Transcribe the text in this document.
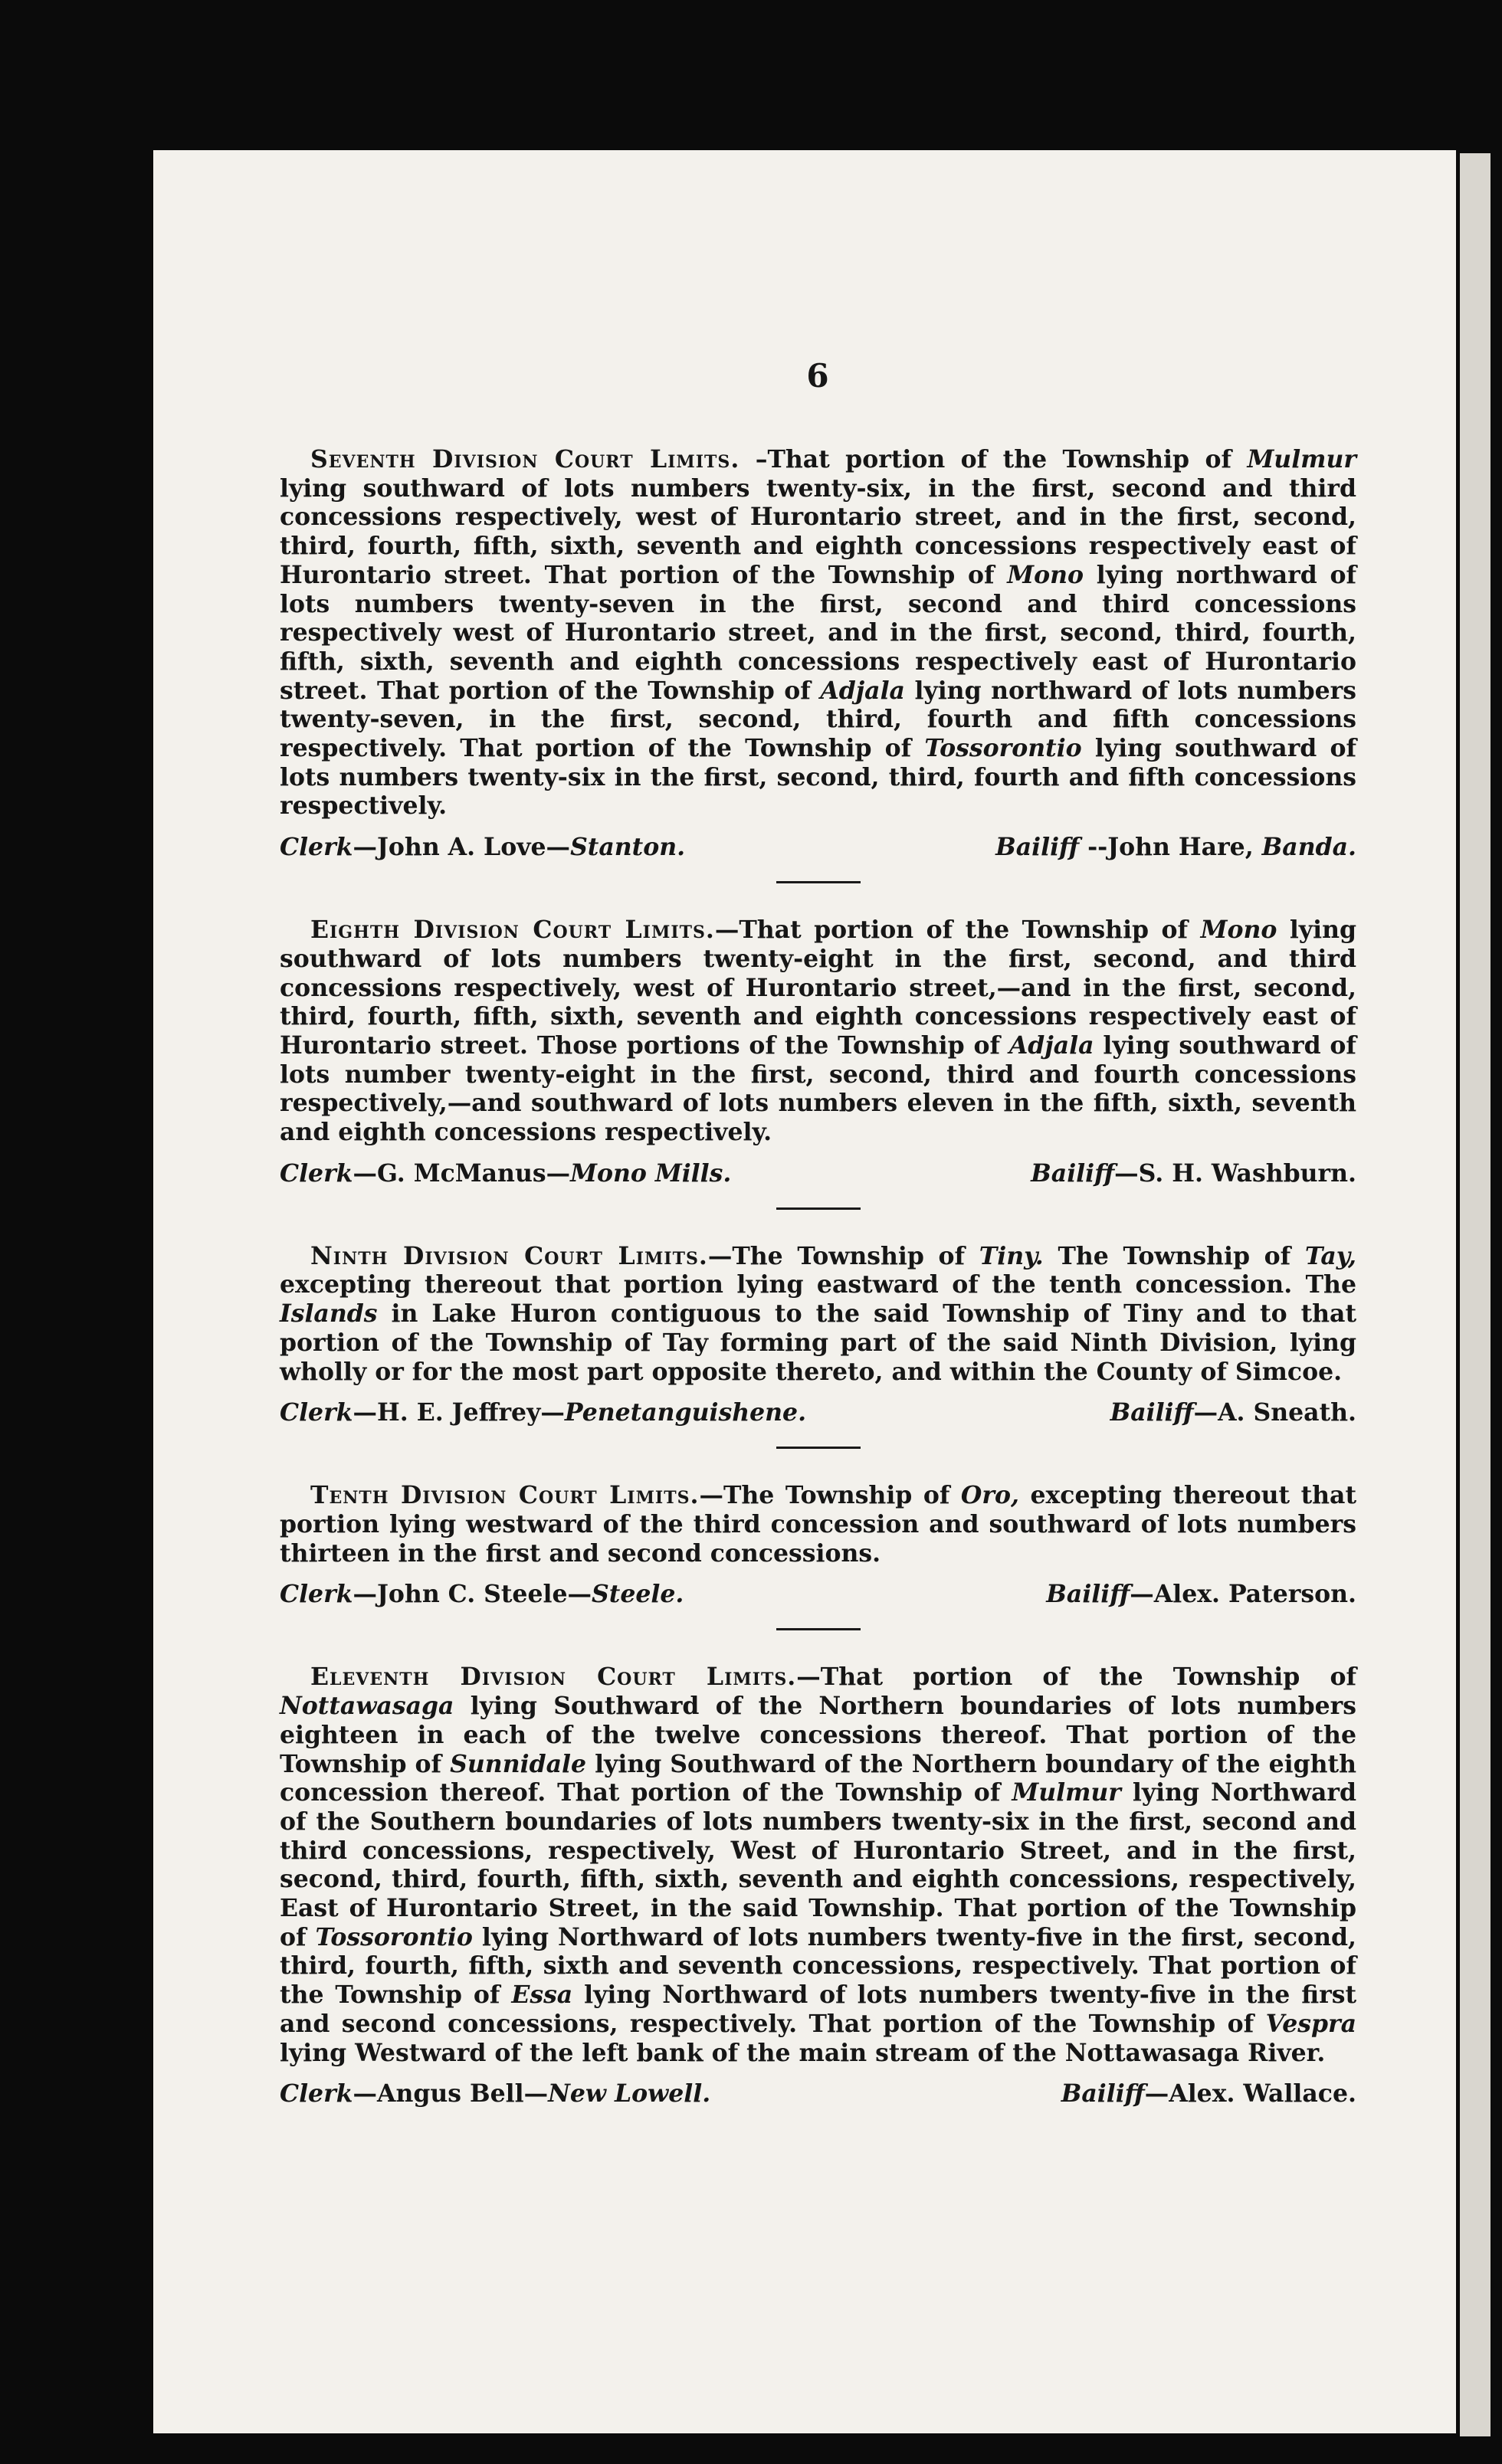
6

Seventh Division Court Limits. –That portion of the Township of Mulmur lying southward of lots numbers twenty-six, in the first, second and third concessions respectively, west of Hurontario street, and in the first, second, third, fourth, fifth, sixth, seventh and eighth concessions respectively east of Hurontario street. That portion of the Township of Mono lying northward of lots numbers twenty-seven in the first, second and third concessions respectively west of Hurontario street, and in the first, second, third, fourth, fifth, sixth, seventh and eighth concessions respectively east of Hurontario street. That portion of the Township of Adjala lying northward of lots numbers twenty-seven, in the first, second, third, fourth and fifth concessions respectively. That portion of the Township of Tossorontio lying southward of lots numbers twenty-six in the first, second, third, fourth and fifth concessions respectively.

Clerk—John A. Love—Stanton.	Bailiff --John Hare, Banda.

Eighth Division Court Limits.—That portion of the Township of Mono lying southward of lots numbers twenty-eight in the first, second, and third concessions respectively, west of Hurontario street,—and in the first, second, third, fourth, fifth, sixth, seventh and eighth concessions respectively east of Hurontario street. Those portions of the Township of Adjala lying southward of lots number twenty-eight in the first, second, third and fourth concessions respectively,—and southward of lots numbers eleven in the fifth, sixth, seventh and eighth concessions respectively.

Clerk—G. McManus—Mono Mills.	Bailiff—S. H. Washburn.

Ninth Division Court Limits.—The Township of Tiny. The Township of Tay, excepting thereout that portion lying eastward of the tenth concession. The Islands in Lake Huron contiguous to the said Township of Tiny and to that portion of the Township of Tay forming part of the said Ninth Division, lying wholly or for the most part opposite thereto, and within the County of Simcoe.

Clerk—H. E. Jeffrey—Penetanguishene.	Bailiff—A. Sneath.

Tenth Division Court Limits.—The Township of Oro, excepting thereout that portion lying westward of the third concession and southward of lots numbers thirteen in the first and second concessions.

Clerk—John C. Steele—Steele.	Bailiff—Alex. Paterson.

Eleventh Division Court Limits.—That portion of the Township of Nottawasaga lying Southward of the Northern boundaries of lots numbers eighteen in each of the twelve concessions thereof. That portion of the Township of Sunnidale lying Southward of the Northern boundary of the eighth concession thereof. That portion of the Township of Mulmur lying Northward of the Southern boundaries of lots numbers twenty-six in the first, second and third concessions, respectively, West of Hurontario Street, and in the first, second, third, fourth, fifth, sixth, seventh and eighth concessions, respectively, East of Hurontario Street, in the said Township. That portion of the Township of Tossorontio lying Northward of lots numbers twenty-five in the first, second, third, fourth, fifth, sixth and seventh concessions, respectively. That portion of the Township of Essa lying Northward of lots numbers twenty-five in the first and second concessions, respectively. That portion of the Township of Vespra lying Westward of the left bank of the main stream of the Nottawasaga River.

Clerk—Angus Bell—New Lowell.	Bailiff—Alex. Wallace.
